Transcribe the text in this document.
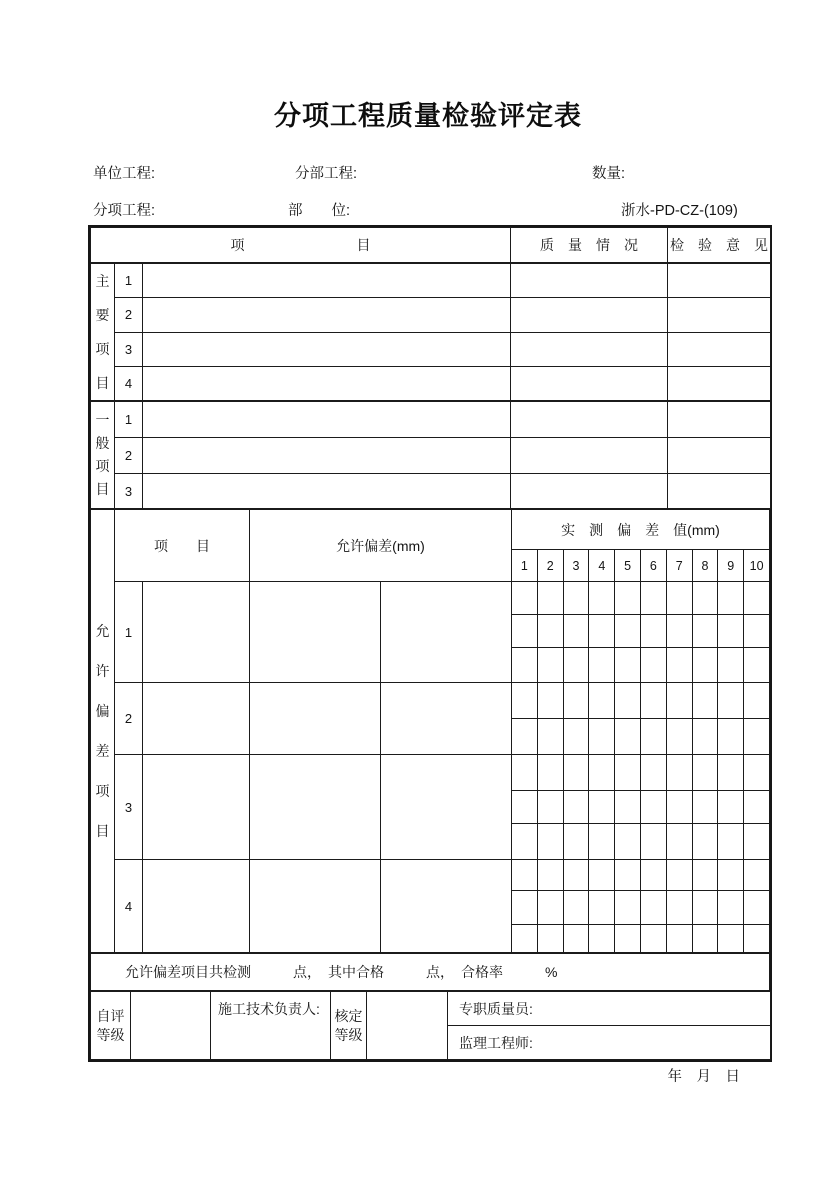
分项工程质量检验评定表
单位工程:	分部工程:	数量:
分项工程:	部　　位:	浙水-PD-CZ-(109)
项　　　　　　　　目	质　量　情　况	检　验　意　见
主要项目	1			
	2			
	3			
	4			
一般项目	1			
	2			
	3			
允许偏差项目	项　　目		允许偏差(mm)		实　测　偏　差　值(mm)									
					1	2	3	4	5	6	7	8	9	10
	1													

	2													

	3													

	4													

允许偏差项目共检测　　　点，　其中合格　　　点，　合格率　　　%
自评等级		施工技术负责人:	核定等级		专职质量员:
监理工程师:
年　月　日
